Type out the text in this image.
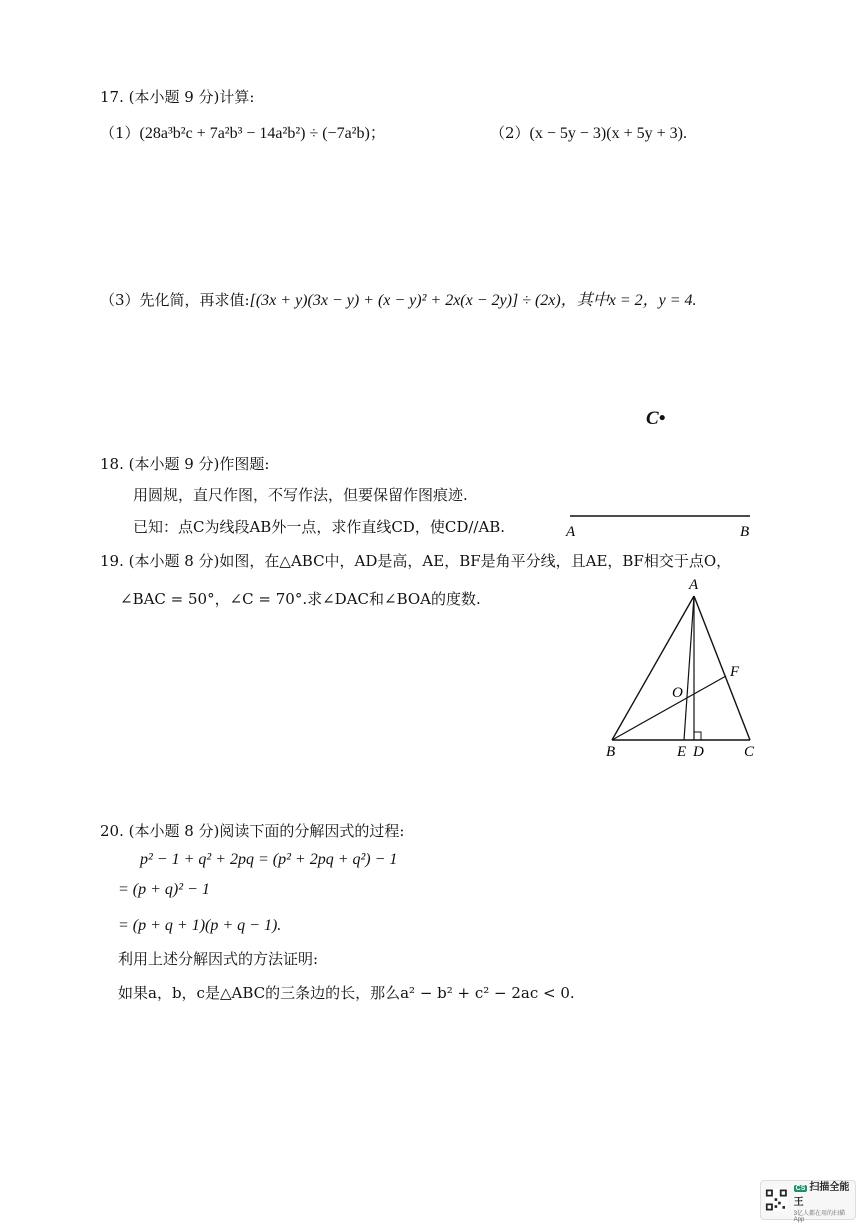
17. (本小题 9 分)计算:
（1）(28a³b²c + 7a²b³ − 14a²b²) ÷ (−7a²b)；	（2）(x − 5y − 3)(x + 5y + 3).
（3）先化简，再求值:[(3x + y)(3x − y) + (x − y)² + 2x(x − 2y)] ÷ (2x)，其中x = 2，y = 4.
C•
18. (本小题 9 分)作图题:
用圆规，直尺作图，不写作法，但要保留作图痕迹.
已知：点C为线段AB外一点，求作直线CD，使CD//AB.	A	B
19. (本小题 8 分)如图，在△ABC中，AD是高，AE，BF是角平分线，且AE，BF相交于点O，
∠BAC = 50°，∠C = 70°.求∠DAC和∠BOA的度数.
A
B	C
E D
F
O
20. (本小题 8 分)阅读下面的分解因式的过程:
p² − 1 + q² + 2pq = (p² + 2pq + q²) − 1
= (p + q)² − 1
= (p + q + 1)(p + q − 1).
利用上述分解因式的方法证明:
如果a，b，c是△ABC的三条边的长，那么a² − b² + c² − 2ac < 0.
CS 扫描全能王
3亿人都在用的扫描App
